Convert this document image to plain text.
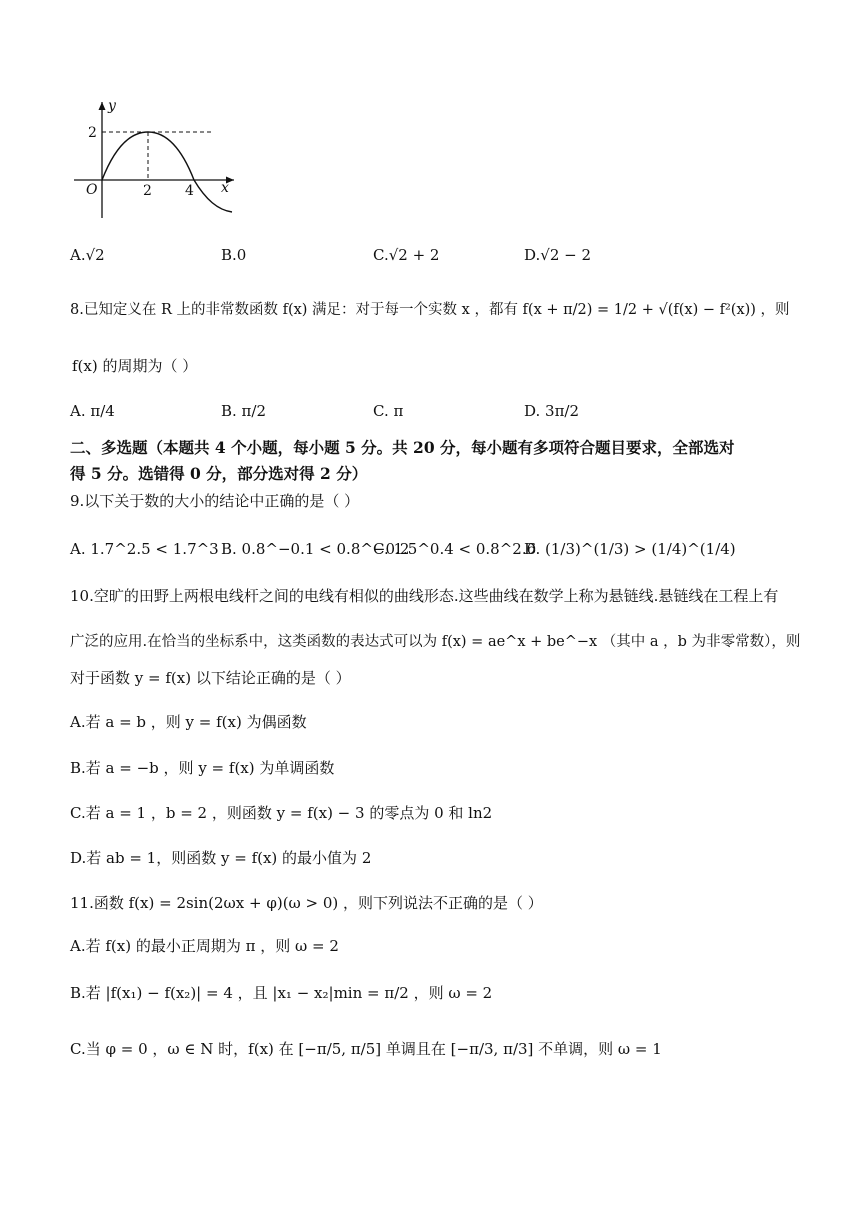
y
x
O
2
2 4
A.√2	B.0	C.√2 + 2	D.√2 − 2
8.已知定义在 R 上的非常数函数 f(x) 满足：对于每一个实数 x ，都有 f(x + π/2) = 1/2 + √(f(x) − f²(x)) ，则
f(x) 的周期为（ ）
A. π/4	B. π/2	C. π	D. 3π/2
二、多选题（本题共 4 个小题，每小题 5 分。共 20 分，每小题有多项符合题目要求，全部选对
得 5 分。选错得 0 分，部分选对得 2 分）
9.以下关于数的大小的结论中正确的是（ ）
A. 1.7^2.5 < 1.7^3 B. 0.8^−0.1 < 0.8^−0.2
C. 1.5^0.4 < 0.8^2.6
D. (1/3)^(1/3) > (1/4)^(1/4)
10.空旷的田野上两根电线杆之间的电线有相似的曲线形态.这些曲线在数学上称为悬链线.悬链线在工程上有
广泛的应用.在恰当的坐标系中，这类函数的表达式可以为 f(x) = ae^x + be^−x （其中 a ，b 为非零常数），则
对于函数 y = f(x) 以下结论正确的是（ ）
A.若 a = b ，则 y = f(x) 为偶函数
B.若 a = −b ，则 y = f(x) 为单调函数
C.若 a = 1 ，b = 2 ，则函数 y = f(x) − 3 的零点为 0 和 ln2
D.若 ab = 1，则函数 y = f(x) 的最小值为 2
11.函数 f(x) = 2sin(2ωx + φ)(ω > 0) ，则下列说法不正确的是（ ）
A.若 f(x) 的最小正周期为 π ，则 ω = 2
B.若 |f(x₁) − f(x₂)| = 4 ，且 |x₁ − x₂|min = π/2 ，则 ω = 2
C.当 φ = 0 ，ω ∈ N 时，f(x) 在 [−π/5, π/5] 单调且在 [−π/3, π/3] 不单调，则 ω = 1
